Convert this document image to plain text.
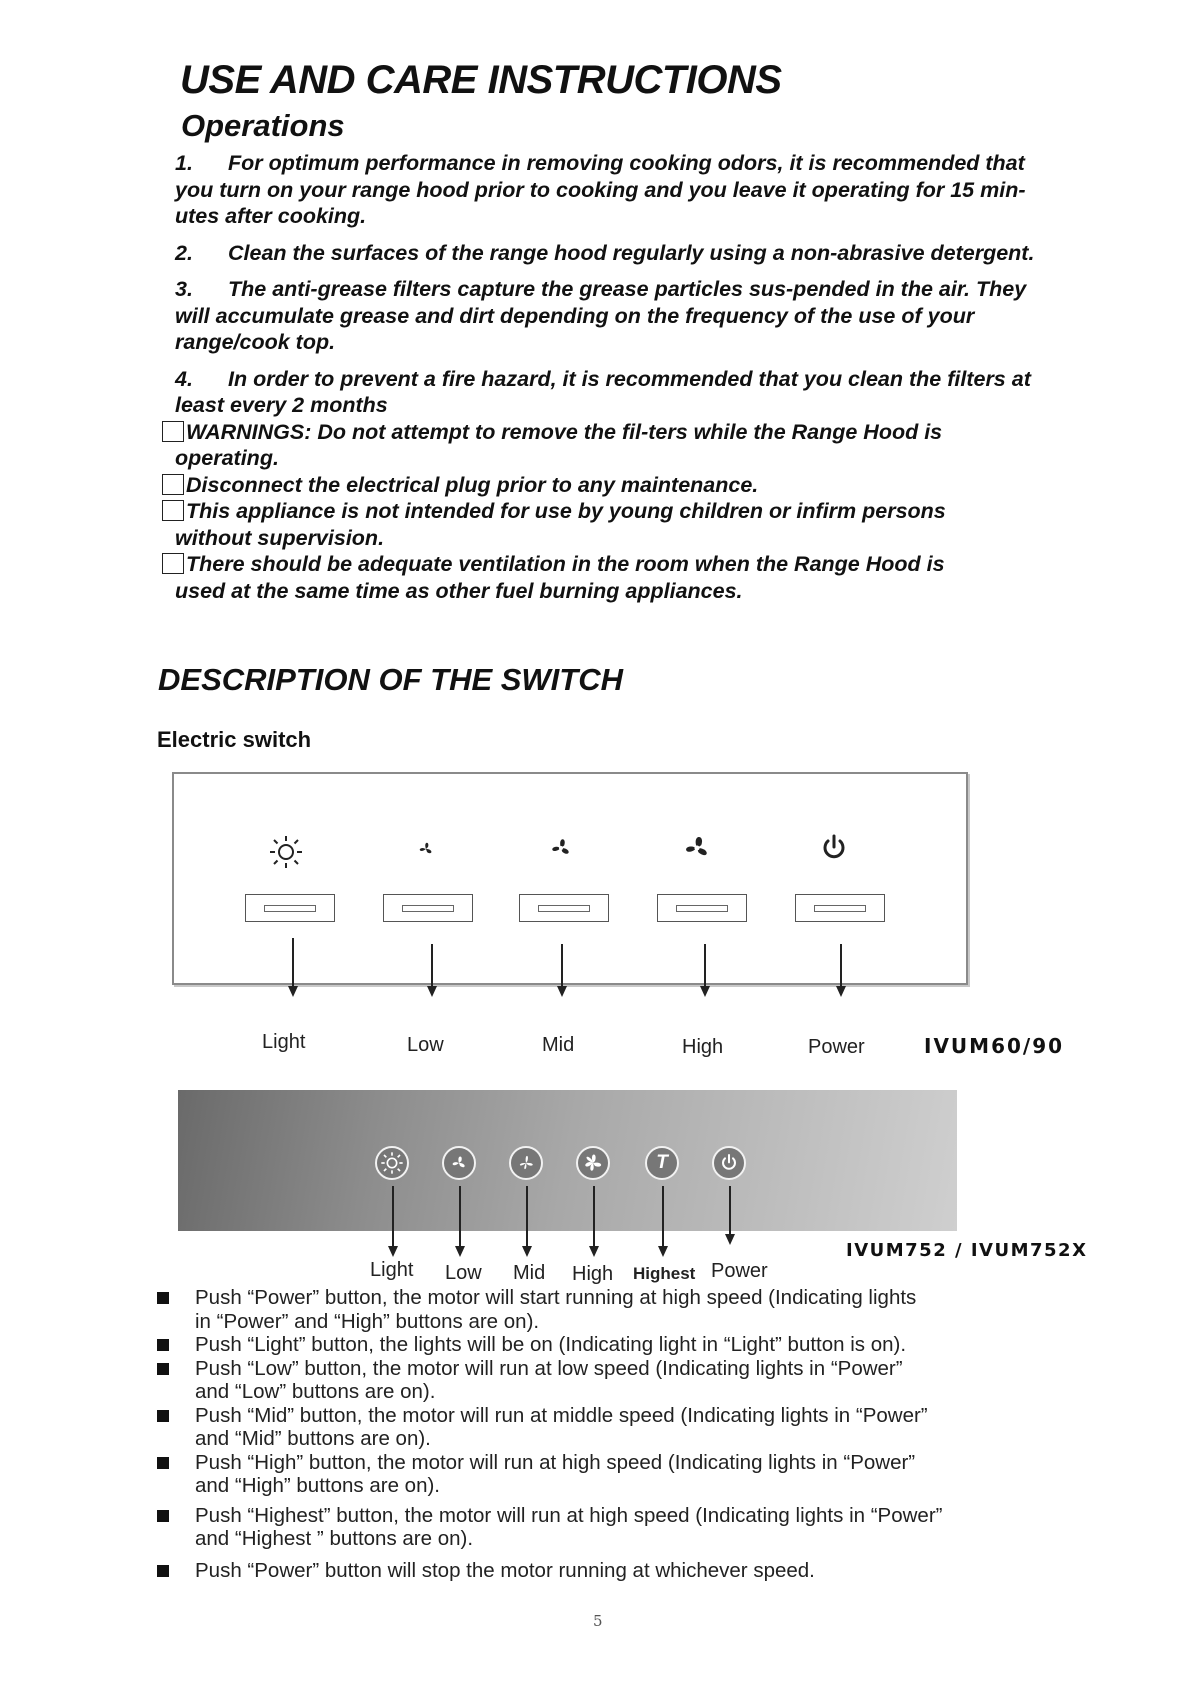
USE AND CARE INSTRUCTIONS
Operations

1. For optimum performance in removing cooking odors, it is recommended that you turn on your range hood prior to cooking and you leave it operating for 15 min-utes after cooking.

2. Clean the surfaces of the range hood regularly using a non-abrasive detergent.

3. The anti-grease filters capture the grease particles sus-pended in the air. They will accumulate grease and dirt depending on the frequency of the use of your range/cook top.

4. In order to prevent a fire hazard, it is recommended that you clean the filters at least every 2 months

WARNINGS: Do not attempt to remove the fil-ters while the Range Hood is

operating.

Disconnect the electrical plug prior to any maintenance.

This appliance is not intended for use by young children or infirm persons

without supervision.

There should be adequate ventilation in the room when the Range Hood is

used at the same time as other fuel burning appliances.

DESCRIPTION OF THE SWITCH
Electric switch
Light	Low	Mid	High	Power	IVUM60/90
T
Light Low Mid High Highest Power
IVUM752 / IVUM752X
Push “Power” button, the motor will start running at high speed (Indicating lights
in “Power” and “High” buttons are on).
Push “Light” button, the lights will be on (Indicating light in “Light” button is on).
Push “Low” button, the motor will run at low speed (Indicating lights in “Power”
and “Low” buttons are on).
Push “Mid” button, the motor will run at middle speed (Indicating lights in “Power”
and “Mid” buttons are on).
Push “High” button, the motor will run at high speed (Indicating lights in “Power”
and “High” buttons are on).
Push “Highest” button, the motor will run at high speed (Indicating lights in “Power”
and “Highest ” buttons are on).
Push “Power” button will stop the motor running at whichever speed.
5
